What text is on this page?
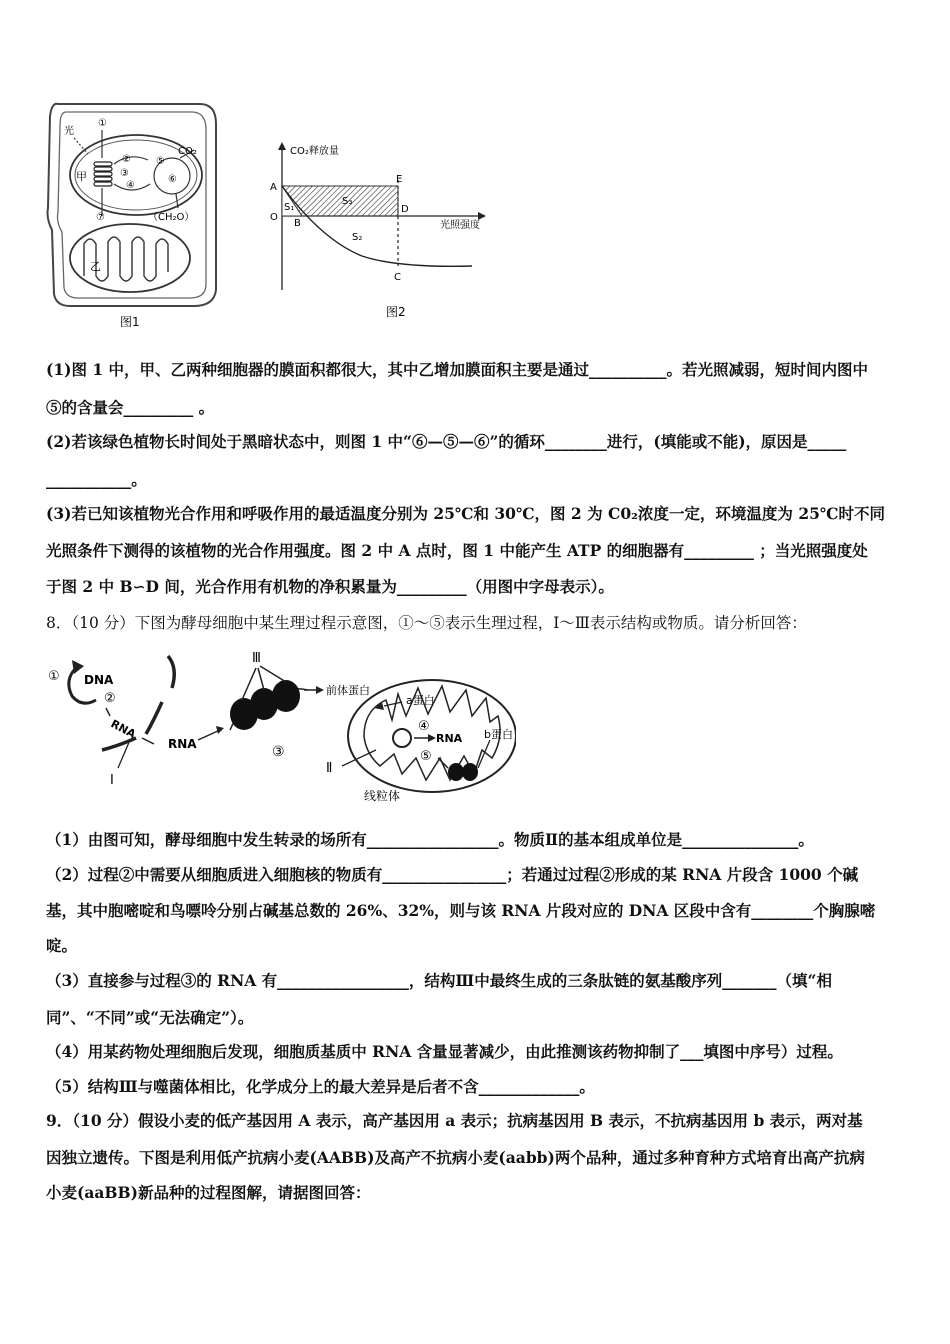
光
①
②
③
④
⑤
⑥
⑦
甲
CO₂
（CH₂O）
乙
图1
CO₂释放量
光照强度
A
O
B
E
D
C
S₁
S₃
S₂
图2
(1)图 1 中，甲、乙两种细胞器的膜面积都很大，其中乙增加膜面积主要是通过__________。若光照减弱，短时间内图中
⑤的含量会_________ 。
(2)若该绿色植物长时间处于黑暗状态中，则图 1 中“⑥—⑤—⑥”的循环________进行，(填能或不能)，原因是_____
___________。
(3)若已知该植物光合作用和呼吸作用的最适温度分别为 25℃和 30℃，图 2 为 C0₂浓度一定，环境温度为 25℃时不同
光照条件下测得的该植物的光合作用强度。图 2 中 A 点时，图 1 中能产生 ATP 的细胞器有_________ ；当光照强度处
于图 2 中 B∽D 间，光合作用有机物的净积累量为_________（用图中字母表示）。
8．（10 分）下图为酵母细胞中某生理过程示意图，①～⑤表示生理过程，Ⅰ～Ⅲ表示结构或物质。请分析回答：
① DNA
②
RNA
Ⅰ
RNA
Ⅲ
③
前体蛋白
a蛋白
④
RNA
⑤
b蛋白
Ⅱ
线粒体
（1）由图可知，酵母细胞中发生转录的场所有_________________。物质Ⅱ的基本组成单位是_______________。
（2）过程②中需要从细胞质进入细胞核的物质有________________；若通过过程②形成的某 RNA 片段含 1000 个碱
基，其中胞嘧啶和鸟嘌呤分别占碱基总数的 26%、32%，则与该 RNA 片段对应的 DNA 区段中含有________个胸腺嘧
啶。
（3）直接参与过程③的 RNA 有_________________，结构Ⅲ中最终生成的三条肽链的氨基酸序列_______（填“相
同”、“不同”或“无法确定”）。
（4）用某药物处理细胞后发现，细胞质基质中 RNA 含量显著减少，由此推测该药物抑制了___填图中序号）过程。
（5）结构Ⅲ与噬菌体相比，化学成分上的最大差异是后者不含_____________。
9．（10 分）假设小麦的低产基因用 A 表示，高产基因用 a 表示；抗病基因用 B 表示，不抗病基因用 b 表示，两对基
因独立遗传。下图是利用低产抗病小麦(AABB)及高产不抗病小麦(aabb)两个品种，通过多种育种方式培育出高产抗病
小麦(aaBB)新品种的过程图解，请据图回答：
